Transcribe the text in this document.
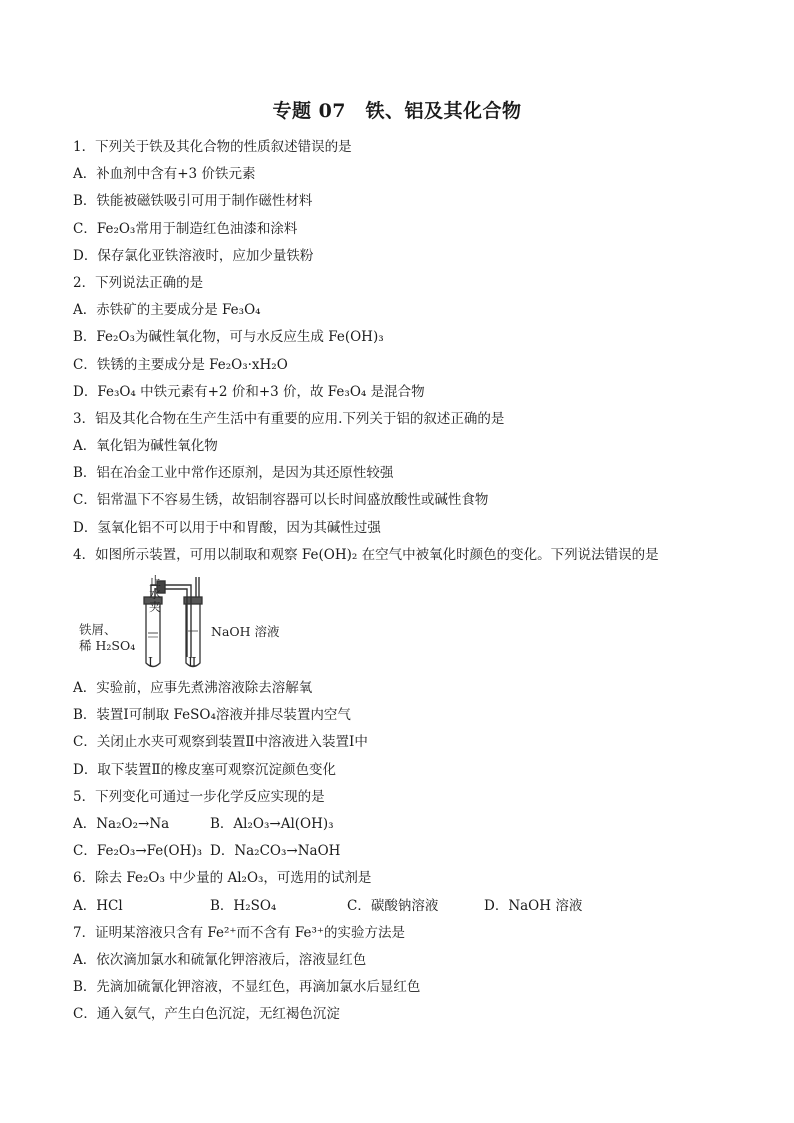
专题 07　铁、铝及其化合物
1．下列关于铁及其化合物的性质叙述错误的是
A．补血剂中含有+3 价铁元素
B．铁能被磁铁吸引可用于制作磁性材料
C．Fe₂O₃常用于制造红色油漆和涂料
D．保存氯化亚铁溶液时，应加少量铁粉
2．下列说法正确的是
A．赤铁矿的主要成分是 Fe₃O₄
B．Fe₂O₃为碱性氧化物，可与水反应生成 Fe(OH)₃
C．铁锈的主要成分是 Fe₂O₃·xH₂O
D．Fe₃O₄ 中铁元素有+2 价和+3 价，故 Fe₃O₄ 是混合物
3．铝及其化合物在生产生活中有重要的应用.下列关于铝的叙述正确的是
A．氧化铝为碱性氧化物
B．铝在冶金工业中常作还原剂，是因为其还原性较强
C．铝常温下不容易生锈，故铝制容器可以长时间盛放酸性或碱性食物
D．氢氧化铝不可以用于中和胃酸，因为其碱性过强
4．如图所示装置，可用以制取和观察 Fe(OH)₂ 在空气中被氧化时颜色的变化。下列说法错误的是
止水夹
铁屑、
稀 H₂SO₄
NaOH 溶液
Ⅰ	Ⅱ
A．实验前，应事先煮沸溶液除去溶解氧
B．装置Ⅰ可制取 FeSO₄溶液并排尽装置内空气
C．关闭止水夹可观察到装置Ⅱ中溶液进入装置Ⅰ中
D．取下装置Ⅱ的橡皮塞可观察沉淀颜色变化
5．下列变化可通过一步化学反应实现的是
A．Na₂O₂→Na	B．Al₂O₃→Al(OH)₃
C．Fe₂O₃→Fe(OH)₃ D．Na₂CO₃→NaOH
6．除去 Fe₂O₃ 中少量的 Al₂O₃，可选用的试剂是
A．HCl	B．H₂SO₄	C．碳酸钠溶液	D．NaOH 溶液
7．证明某溶液只含有 Fe²⁺而不含有 Fe³⁺的实验方法是
A．依次滴加氯水和硫氰化钾溶液后，溶液显红色
B．先滴加硫氰化钾溶液，不显红色，再滴加氯水后显红色
C．通入氨气，产生白色沉淀，无红褐色沉淀
